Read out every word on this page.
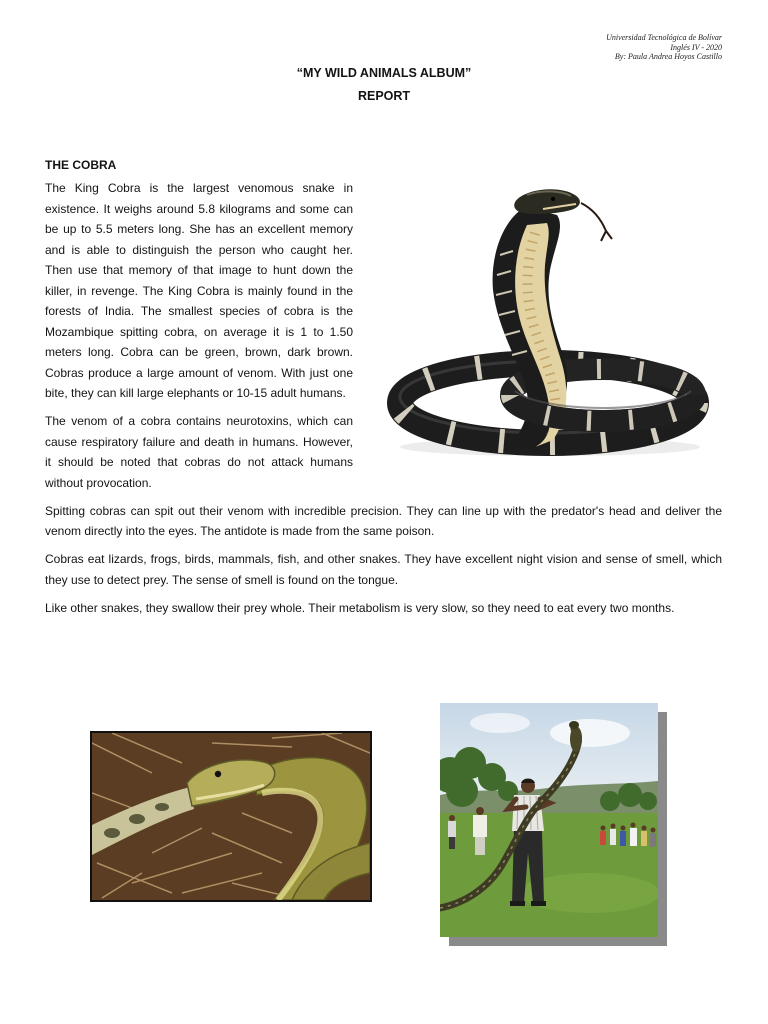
Universidad Tecnológica de Bolívar
Inglés IV - 2020
By: Paula Andrea Hoyos Castillo
“MY WILD ANIMALS ALBUM”
REPORT
THE COBRA

The King Cobra is the largest venomous snake in existence. It weighs around 5.8 kilograms and some can be up to 5.5 meters long. She has an excellent memory and is able to distinguish the person who caught her. Then use that memory of that image to hunt down the killer, in revenge. The King Cobra is mainly found in the forests of India. The smallest species of cobra is the Mozambique spitting cobra, on average it is 1 to 1.50 meters long. Cobra can be green, brown, dark brown. Cobras produce a large amount of venom. With just one bite, they can kill large elephants or 10-15 adult humans.

The venom of a cobra contains neurotoxins, which can cause respiratory failure and death in humans. However, it should be noted that cobras do not attack humans without provocation.

Spitting cobras can spit out their venom with incredible precision. They can line up with the predator's head and deliver the venom directly into the eyes. The antidote is made from the same poison.

Cobras eat lizards, frogs, birds, mammals, fish, and other snakes. They have excellent night vision and sense of smell, which they use to detect prey. The sense of smell is found on the tongue.

Like other snakes, they swallow their prey whole. Their metabolism is very slow, so they need to eat every two months.
